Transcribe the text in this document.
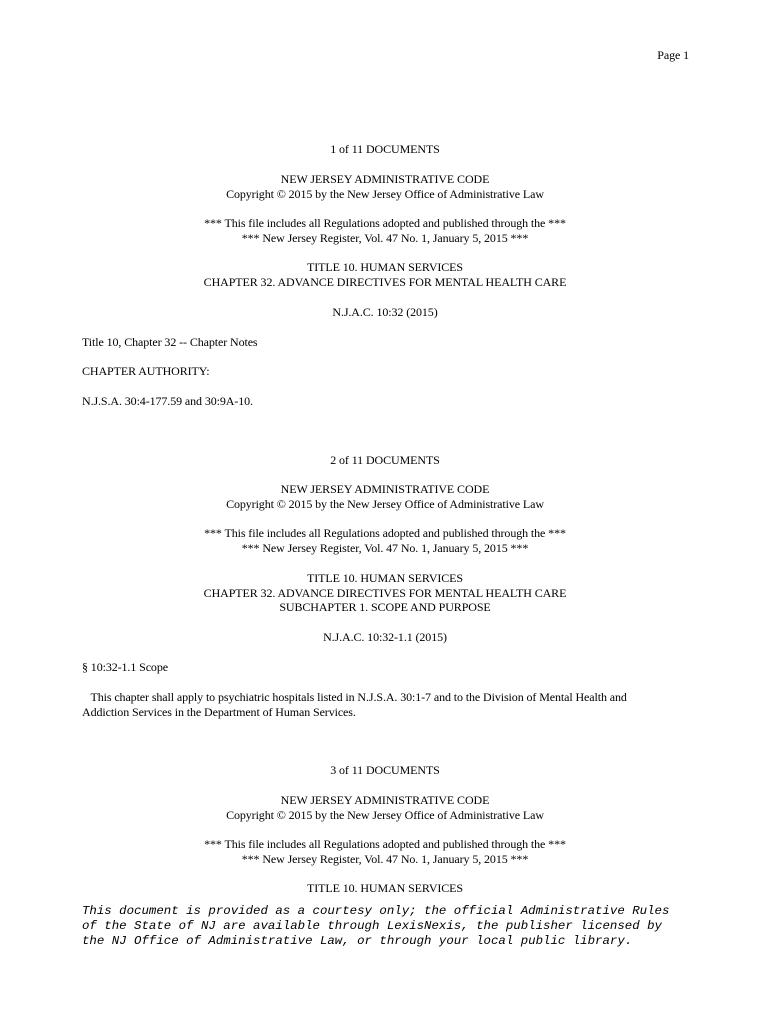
Page 1
1 of 11 DOCUMENTS
NEW JERSEY ADMINISTRATIVE CODE
Copyright © 2015 by the New Jersey Office of Administrative Law
*** This file includes all Regulations adopted and published through the ***
*** New Jersey Register, Vol. 47 No. 1, January 5, 2015 ***
TITLE 10. HUMAN SERVICES
CHAPTER 32. ADVANCE DIRECTIVES FOR MENTAL HEALTH CARE
N.J.A.C. 10:32 (2015)
Title 10, Chapter 32 -- Chapter Notes
CHAPTER AUTHORITY:
N.J.S.A. 30:4-177.59 and 30:9A-10.
2 of 11 DOCUMENTS
NEW JERSEY ADMINISTRATIVE CODE
Copyright © 2015 by the New Jersey Office of Administrative Law
*** This file includes all Regulations adopted and published through the ***
*** New Jersey Register, Vol. 47 No. 1, January 5, 2015 ***
TITLE 10. HUMAN SERVICES
CHAPTER 32. ADVANCE DIRECTIVES FOR MENTAL HEALTH CARE
SUBCHAPTER 1. SCOPE AND PURPOSE
N.J.A.C. 10:32-1.1 (2015)
§ 10:32-1.1 Scope
This chapter shall apply to psychiatric hospitals listed in N.J.S.A. 30:1-7 and to the Division of Mental Health and
Addiction Services in the Department of Human Services.
3 of 11 DOCUMENTS
NEW JERSEY ADMINISTRATIVE CODE
Copyright © 2015 by the New Jersey Office of Administrative Law
*** This file includes all Regulations adopted and published through the ***
*** New Jersey Register, Vol. 47 No. 1, January 5, 2015 ***
TITLE 10. HUMAN SERVICES
This document is provided as a courtesy only; the official Administrative Rules
of the State of NJ are available through LexisNexis, the publisher licensed by
the NJ Office of Administrative Law, or through your local public library.
